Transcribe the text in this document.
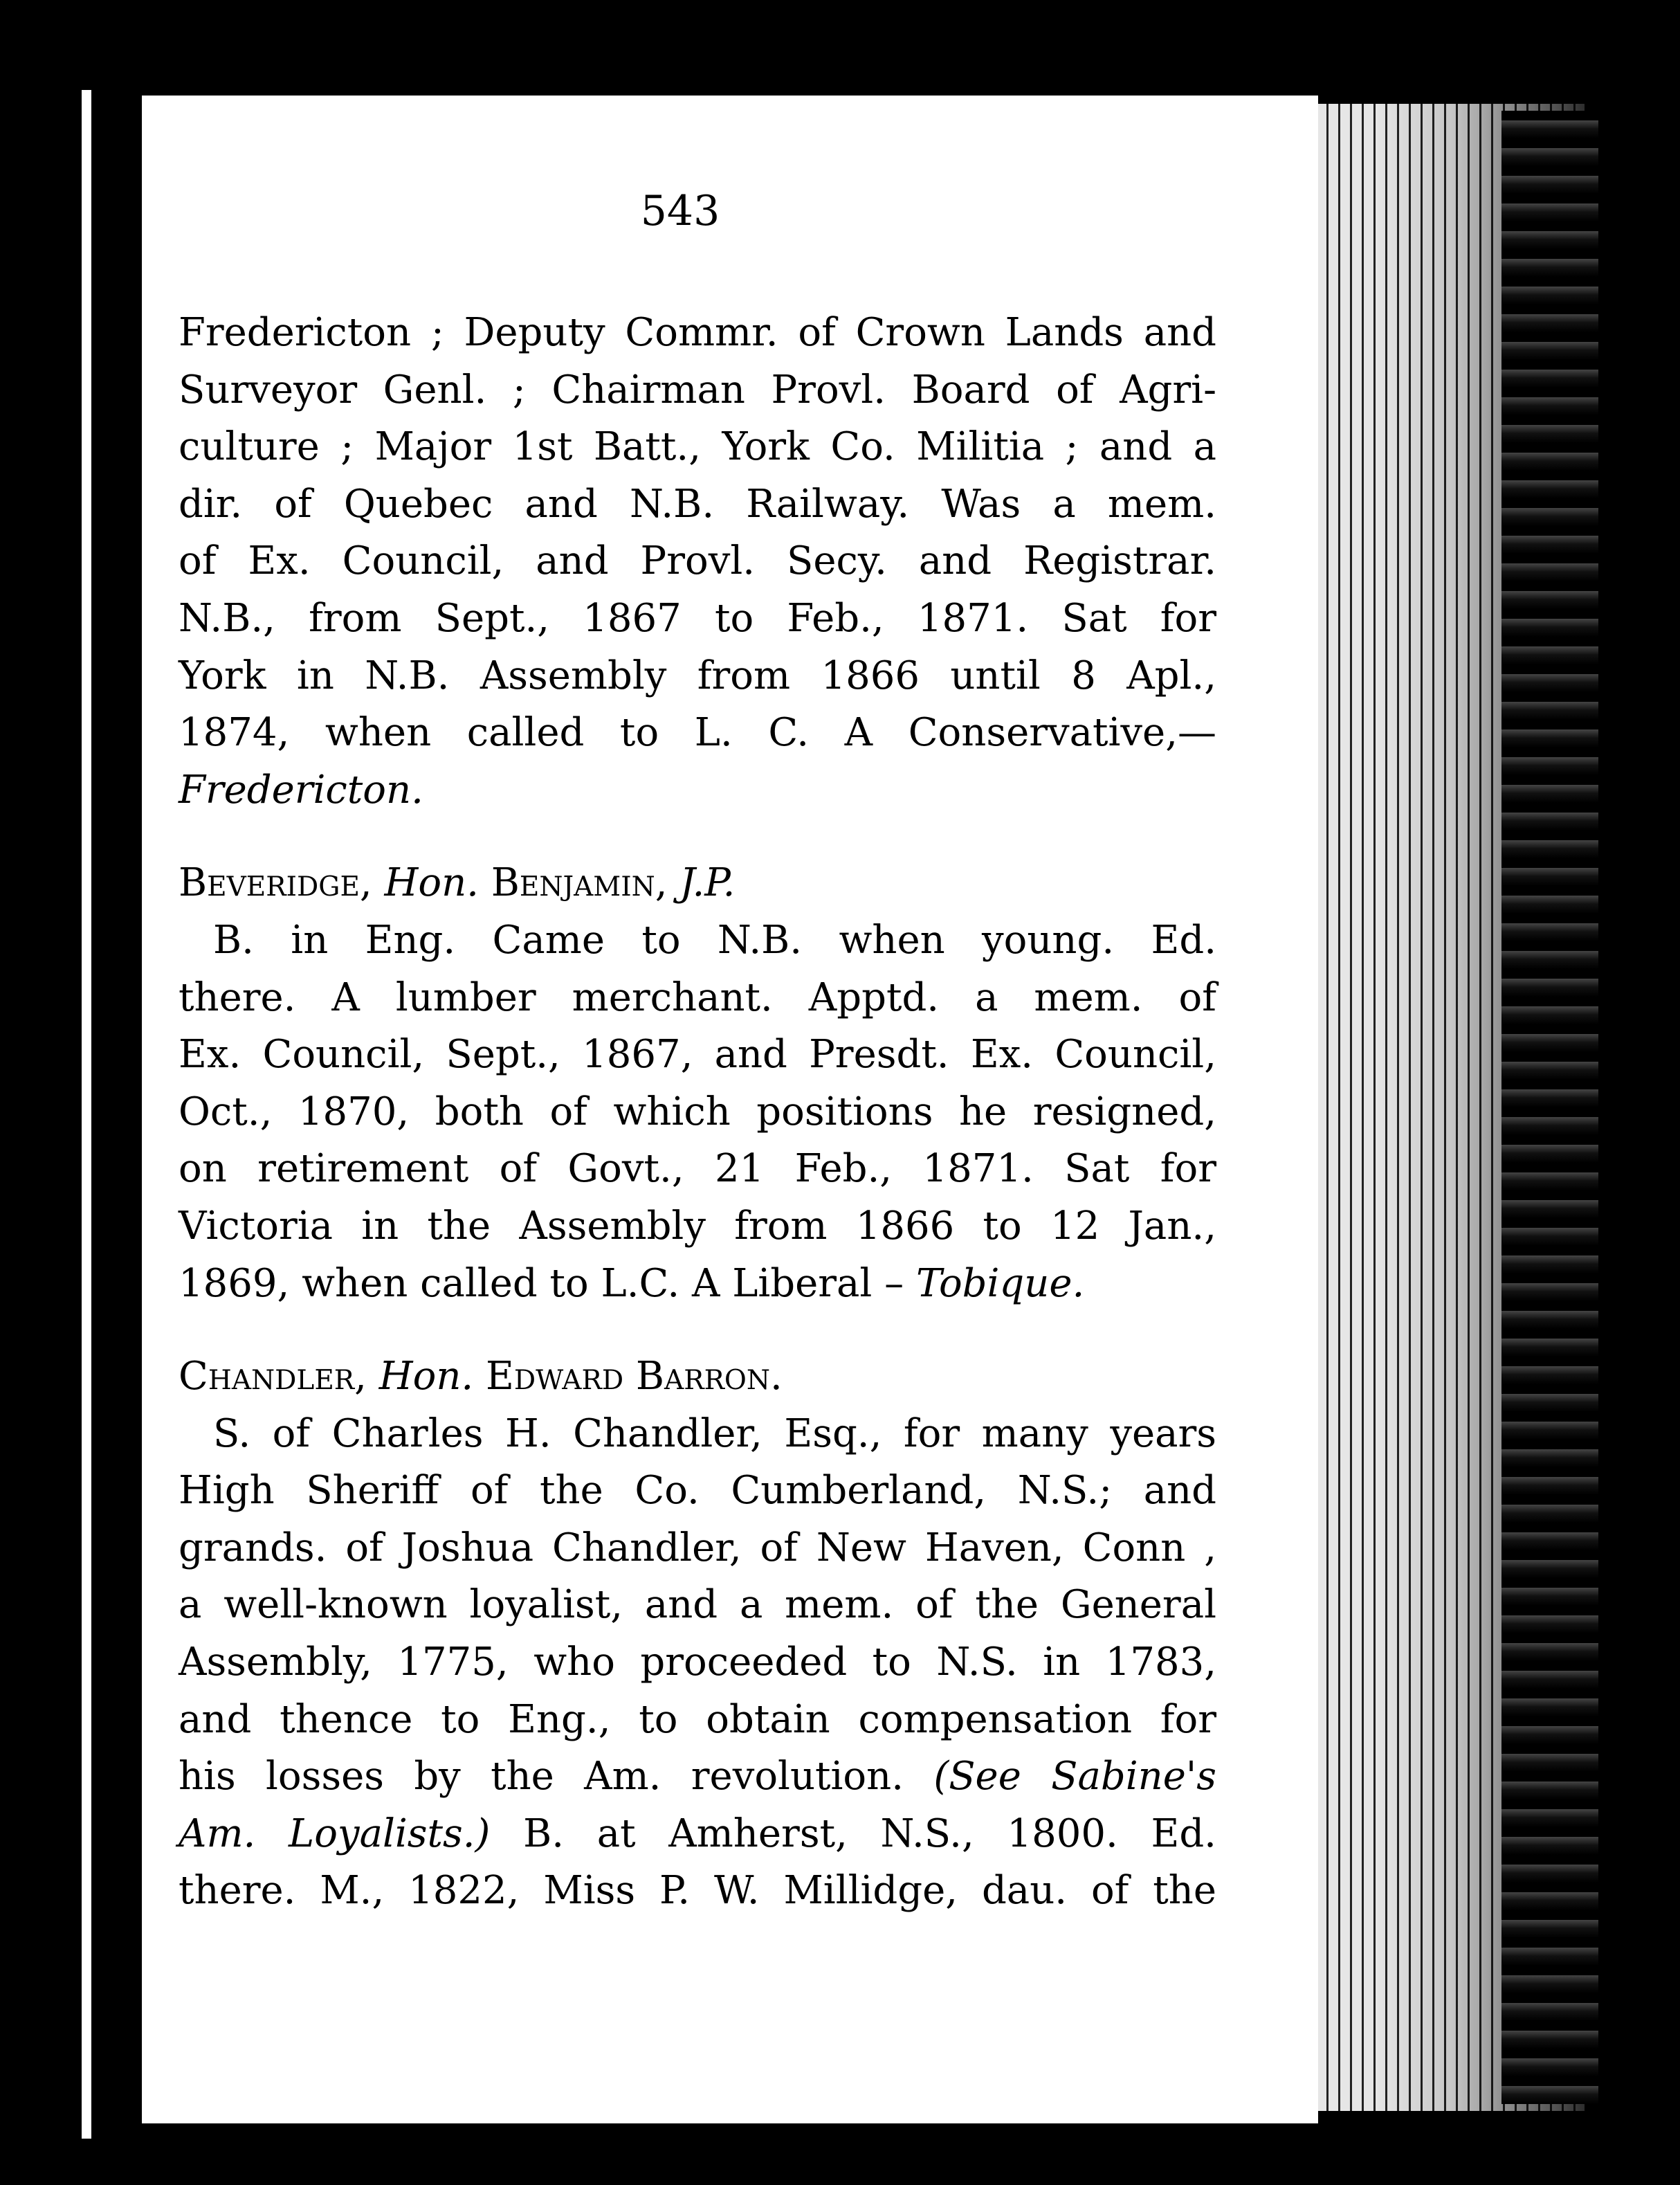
543
Fredericton ; Deputy Commr. of Crown Lands and
Surveyor Genl. ; Chairman Provl. Board of Agri-
culture ; Major 1st Batt., York Co. Militia ; and a
dir. of Quebec and N.B. Railway. Was a mem.
of Ex. Council, and Provl. Secy. and Registrar.
N.B., from Sept., 1867 to Feb., 1871. Sat for
York in N.B. Assembly from 1866 until 8 Apl.,
1874, when called to L. C. A Conservative,—
Fredericton.
Beveridge, Hon. Benjamin, J.P.
B. in Eng. Came to N.B. when young. Ed.
there. A lumber merchant. Apptd. a mem. of
Ex. Council, Sept., 1867, and Presdt. Ex. Council,
Oct., 1870, both of which positions he resigned,
on retirement of Govt., 21 Feb., 1871. Sat for
Victoria in the Assembly from 1866 to 12 Jan.,
1869, when called to L.C. A Liberal – Tobique.
Chandler, Hon. Edward Barron.
S. of Charles H. Chandler, Esq., for many years
High Sheriff of the Co. Cumberland, N.S.; and
grands. of Joshua Chandler, of New Haven, Conn ,
a well-known loyalist, and a mem. of the General
Assembly, 1775, who proceeded to N.S. in 1783,
and thence to Eng., to obtain compensation for
his losses by the Am. revolution. (See Sabine's
Am. Loyalists.) B. at Amherst, N.S., 1800. Ed.
there. M., 1822, Miss P. W. Millidge, dau. of the
